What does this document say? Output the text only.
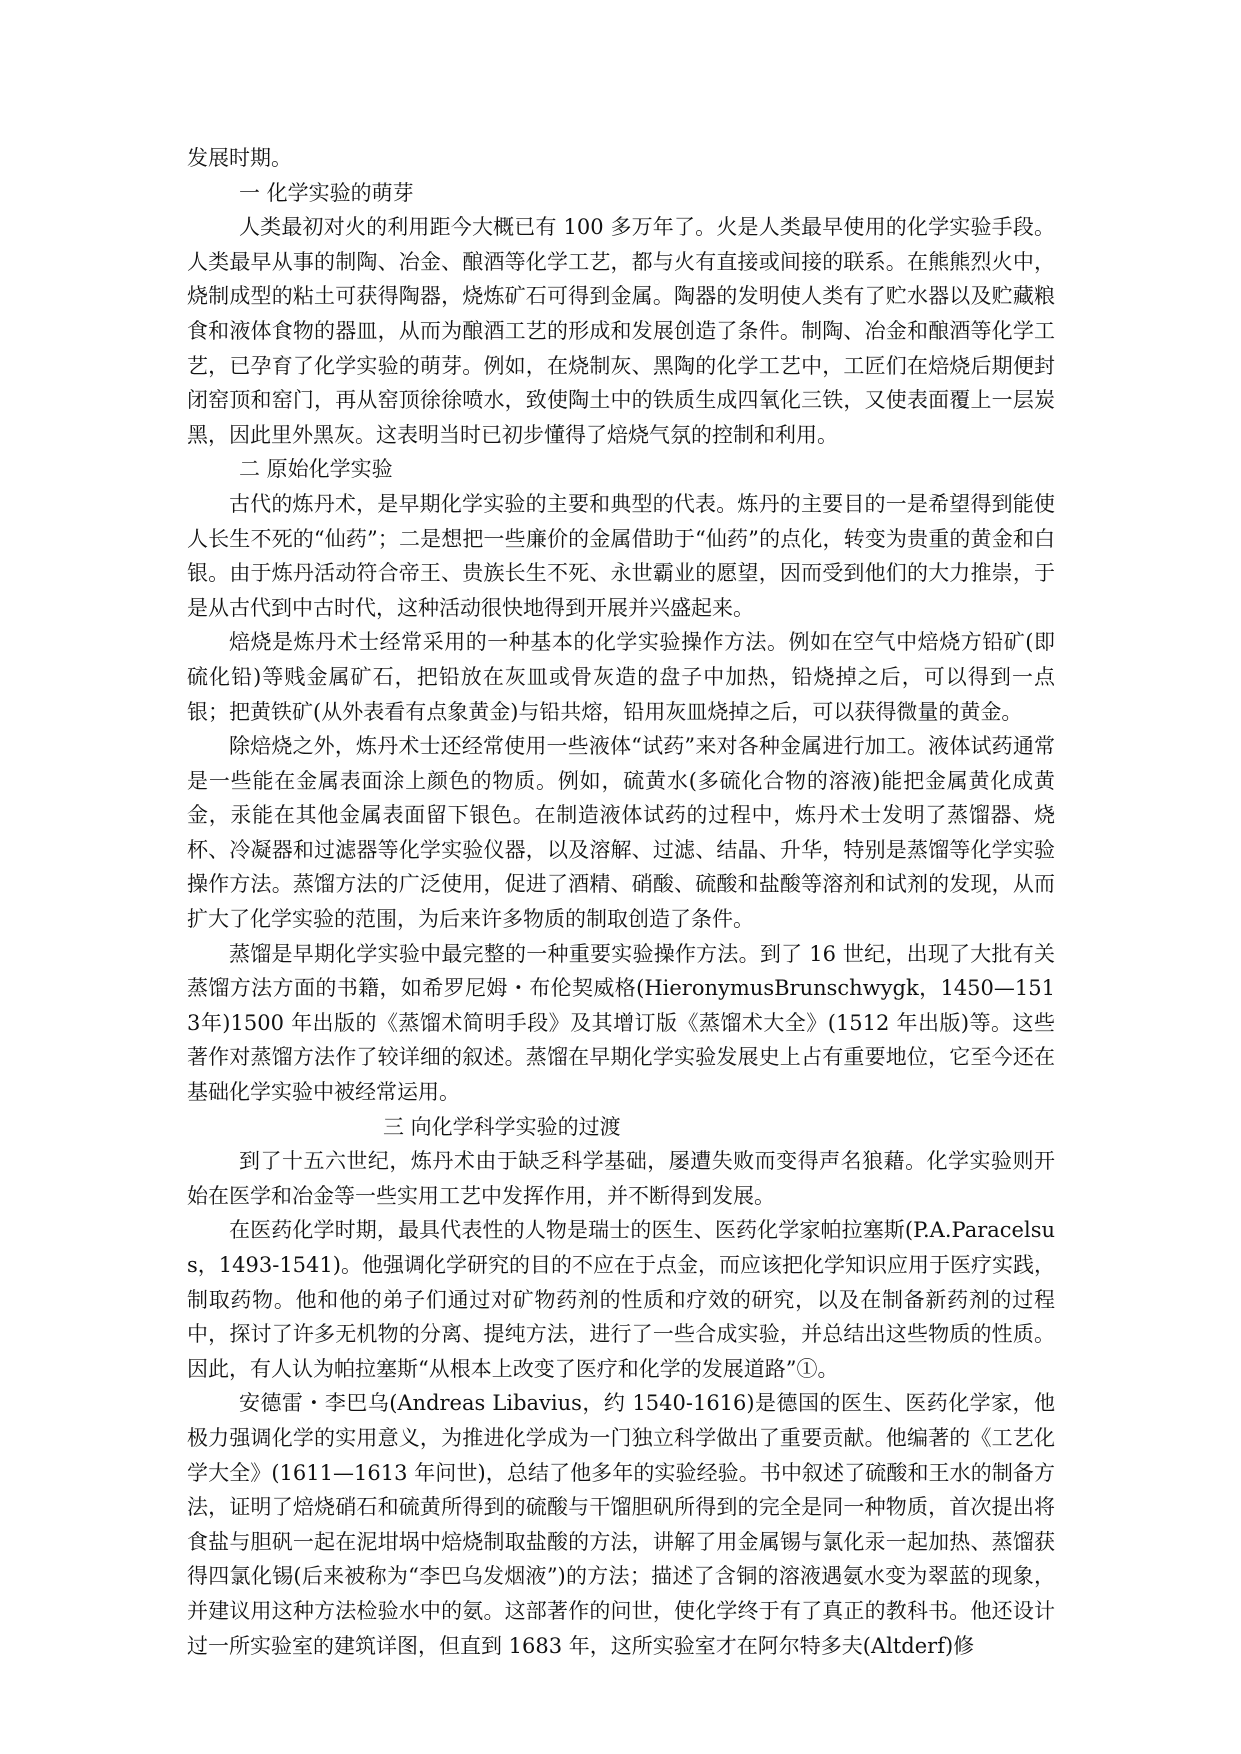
发展时期。

一 化学实验的萌芽

人类最初对火的利用距今大概已有 100 多万年了。火是人类最早使用的化学实验手段。人类最早从事的制陶、冶金、酿酒等化学工艺，都与火有直接或间接的联系。在熊熊烈火中，烧制成型的粘土可获得陶器，烧炼矿石可得到金属。陶器的发明使人类有了贮水器以及贮藏粮食和液体食物的器皿，从而为酿酒工艺的形成和发展创造了条件。制陶、冶金和酿酒等化学工艺，已孕育了化学实验的萌芽。例如，在烧制灰、黑陶的化学工艺中，工匠们在焙烧后期便封闭窑顶和窑门，再从窑顶徐徐喷水，致使陶土中的铁质生成四氧化三铁，又使表面覆上一层炭黑，因此里外黑灰。这表明当时已初步懂得了焙烧气氛的控制和利用。

二 原始化学实验

古代的炼丹术，是早期化学实验的主要和典型的代表。炼丹的主要目的一是希望得到能使人长生不死的“仙药”；二是想把一些廉价的金属借助于“仙药”的点化，转变为贵重的黄金和白银。由于炼丹活动符合帝王、贵族长生不死、永世霸业的愿望，因而受到他们的大力推崇，于是从古代到中古时代，这种活动很快地得到开展并兴盛起来。

焙烧是炼丹术士经常采用的一种基本的化学实验操作方法。例如在空气中焙烧方铅矿(即硫化铅)等贱金属矿石，把铅放在灰皿或骨灰造的盘子中加热，铅烧掉之后，可以得到一点银；把黄铁矿(从外表看有点象黄金)与铅共熔，铅用灰皿烧掉之后，可以获得微量的黄金。

除焙烧之外，炼丹术士还经常使用一些液体“试药”来对各种金属进行加工。液体试药通常是一些能在金属表面涂上颜色的物质。例如，硫黄水(多硫化合物的溶液)能把金属黄化成黄金，汞能在其他金属表面留下银色。在制造液体试药的过程中，炼丹术士发明了蒸馏器、烧杯、冷凝器和过滤器等化学实验仪器，以及溶解、过滤、结晶、升华，特别是蒸馏等化学实验操作方法。蒸馏方法的广泛使用，促进了酒精、硝酸、硫酸和盐酸等溶剂和试剂的发现，从而扩大了化学实验的范围，为后来许多物质的制取创造了条件。

蒸馏是早期化学实验中最完整的一种重要实验操作方法。到了 16 世纪，出现了大批有关蒸馏方法方面的书籍，如希罗尼姆・布伦契威格(HieronymusBrunschwygk，1450—1513年)1500 年出版的《蒸馏术简明手段》及其增订版《蒸馏术大全》(1512 年出版)等。这些著作对蒸馏方法作了较详细的叙述。蒸馏在早期化学实验发展史上占有重要地位，它至今还在基础化学实验中被经常运用。

三 向化学科学实验的过渡

到了十五六世纪，炼丹术由于缺乏科学基础，屡遭失败而变得声名狼藉。化学实验则开始在医学和冶金等一些实用工艺中发挥作用，并不断得到发展。

在医药化学时期，最具代表性的人物是瑞士的医生、医药化学家帕拉塞斯(P.A.Paracelsus，1493-1541)。他强调化学研究的目的不应在于点金，而应该把化学知识应用于医疗实践，制取药物。他和他的弟子们通过对矿物药剂的性质和疗效的研究，以及在制备新药剂的过程中，探讨了许多无机物的分离、提纯方法，进行了一些合成实验，并总结出这些物质的性质。因此，有人认为帕拉塞斯“从根本上改变了医疗和化学的发展道路”①。

安德雷・李巴乌(Andreas Libavius，约 1540-1616)是德国的医生、医药化学家，他极力强调化学的实用意义，为推进化学成为一门独立科学做出了重要贡献。他编著的《工艺化学大全》(1611—1613 年问世)，总结了他多年的实验经验。书中叙述了硫酸和王水的制备方法，证明了焙烧硝石和硫黄所得到的硫酸与干馏胆矾所得到的完全是同一种物质，首次提出将食盐与胆矾一起在泥坩埚中焙烧制取盐酸的方法，讲解了用金属锡与氯化汞一起加热、蒸馏获得四氯化锡(后来被称为“李巴乌发烟液”)的方法；描述了含铜的溶液遇氨水变为翠蓝的现象，并建议用这种方法检验水中的氨。这部著作的问世，使化学终于有了真正的教科书。他还设计过一所实验室的建筑详图，但直到 1683 年，这所实验室才在阿尔特多夫(Altderf)修
